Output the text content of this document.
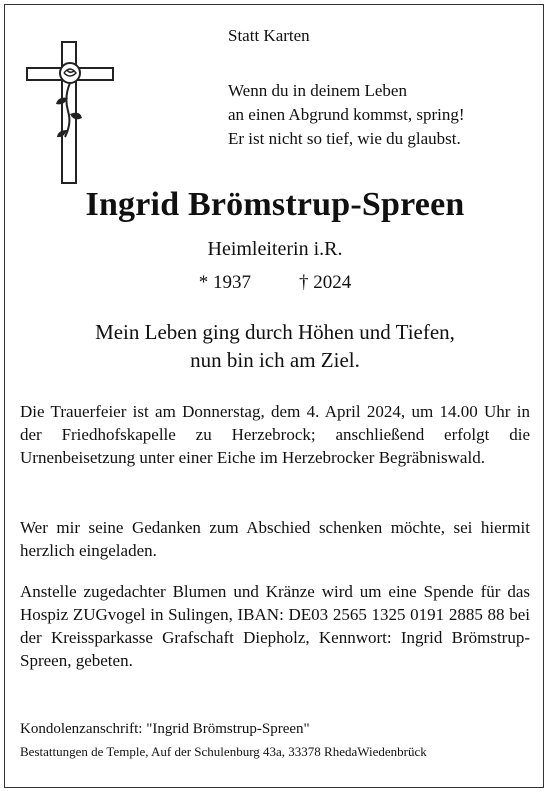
Statt Karten
Wenn du in deinem Leben
an einen Abgrund kommst, spring!
Er ist nicht so tief, wie du glaubst.
Ingrid Brömstrup-Spreen
Heimleiterin i.R.
* 1937	† 2024
Mein Leben ging durch Höhen und Tiefen,
nun bin ich am Ziel.
Die Trauerfeier ist am Donnerstag, dem 4. April 2024, um 14.00 Uhr in der Friedhofskapelle zu Herzebrock; anschließend erfolgt die Urnenbeisetzung unter einer Eiche im Herzebrocker Begräbniswald.
Wer mir seine Gedanken zum Abschied schenken möchte, sei hiermit herzlich eingeladen.
Anstelle zugedachter Blumen und Kränze wird um eine Spende für das Hospiz ZUGvogel in Sulingen, IBAN: DE03 2565 1325 0191 2885 88 bei der Kreissparkasse Grafschaft Diepholz, Kennwort: Ingrid Brömstrup-Spreen, gebeten.
Kondolenzanschrift: "Ingrid Brömstrup-Spreen"
Bestattungen de Temple, Auf der Schulenburg 43a, 33378 RhedaWiedenbrück
